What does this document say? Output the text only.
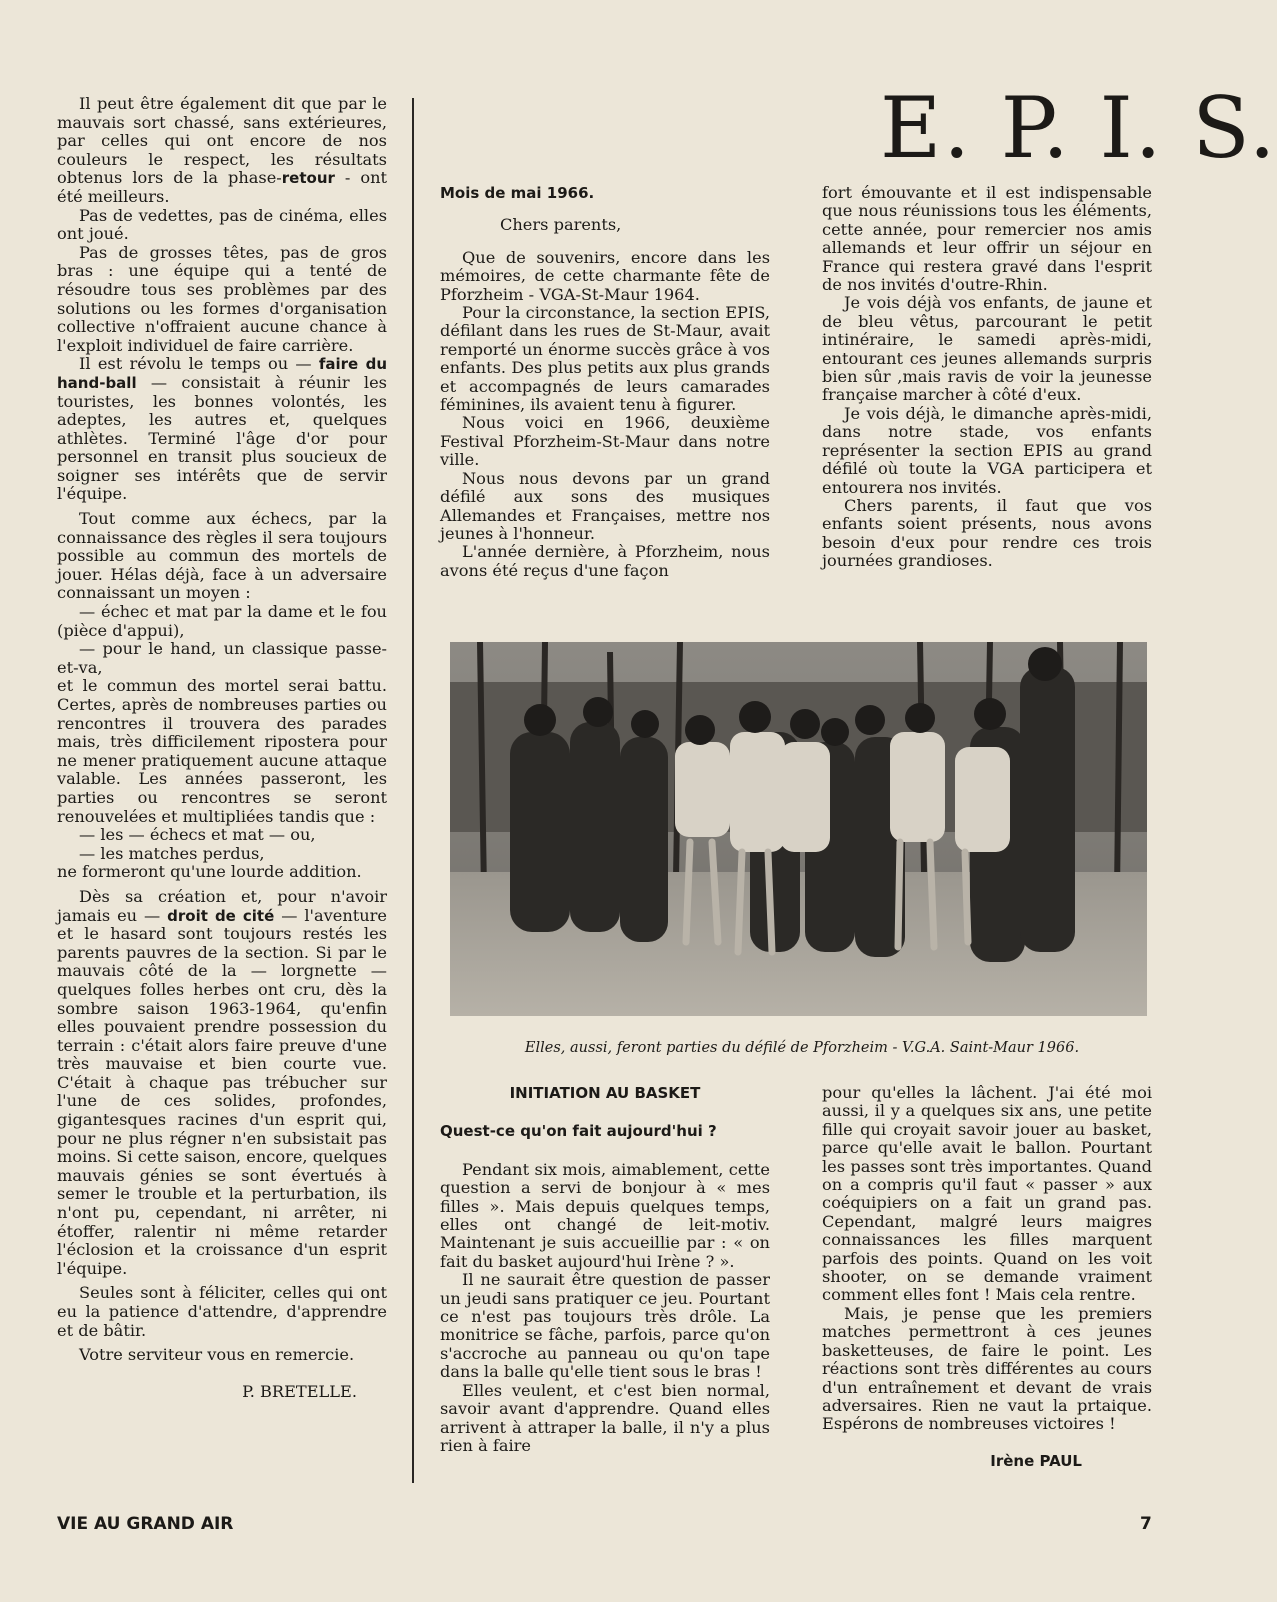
Il peut être également dit que par le mauvais sort chassé, sans extérieures, par celles qui ont encore de nos couleurs le respect, les résultats obtenus lors de la phase-retour - ont été meilleurs.

Pas de vedettes, pas de cinéma, elles ont joué.

Pas de grosses têtes, pas de gros bras : une équipe qui a tenté de résoudre tous ses problèmes par des solutions ou les formes d'organisation collective n'offraient aucune chance à l'exploit individuel de faire carrière.

Il est révolu le temps ou — faire du hand-ball — consistait à réunir les touristes, les bonnes volontés, les adeptes, les autres et, quelques athlètes. Terminé l'âge d'or pour personnel en transit plus soucieux de soigner ses intérêts que de servir l'équipe.

Tout comme aux échecs, par la connaissance des règles il sera toujours possible au commun des mortels de jouer. Hélas déjà, face à un adversaire connaissant un moyen :

— échec et mat par la dame et le fou (pièce d'appui),

— pour le hand, un classique passe-et-va,

et le commun des mortel serai battu. Certes, après de nombreuses parties ou rencontres il trouvera des parades mais, très difficilement ripostera pour ne mener pratiquement aucune attaque valable. Les années passeront, les parties ou rencontres se seront renouvelées et multipliées tandis que :

— les — échecs et mat — ou,

— les matches perdus,

ne formeront qu'une lourde addition.

Dès sa création et, pour n'avoir jamais eu — droit de cité — l'aventure et le hasard sont toujours restés les parents pauvres de la section. Si par le mauvais côté de la — lorgnette — quelques folles herbes ont cru, dès la sombre saison 1963-1964, qu'enfin elles pouvaient prendre possession du terrain : c'était alors faire preuve d'une très mauvaise et bien courte vue. C'était à chaque pas trébucher sur l'une de ces solides, profondes, gigantesques racines d'un esprit qui, pour ne plus régner n'en subsistait pas moins. Si cette saison, encore, quelques mauvais génies se sont évertués à semer le trouble et la perturbation, ils n'ont pu, cependant, ni arrêter, ni étoffer, ralentir ni même retarder l'éclosion et la croissance d'un esprit l'équipe.

Seules sont à féliciter, celles qui ont eu la patience d'attendre, d'apprendre et de bâtir.

Votre serviteur vous en remercie.

P. BRETELLE.

E. P. I. S.

Mois de mai 1966.

Chers parents,

Que de souvenirs, encore dans les mémoires, de cette charmante fête de Pforzheim - VGA-St-Maur 1964.

Pour la circonstance, la section EPIS, défilant dans les rues de St-Maur, avait remporté un énorme succès grâce à vos enfants. Des plus petits aux plus grands et accompagnés de leurs camarades féminines, ils avaient tenu à figurer.

Nous voici en 1966, deuxième Festival Pforzheim-St-Maur dans notre ville.

Nous nous devons par un grand défilé aux sons des musiques Allemandes et Françaises, mettre nos jeunes à l'honneur.

L'année dernière, à Pforzheim, nous avons été reçus d'une façon

fort émouvante et il est indispensable que nous réunissions tous les éléments, cette année, pour remercier nos amis allemands et leur offrir un séjour en France qui restera gravé dans l'esprit de nos invités d'outre-Rhin.

Je vois déjà vos enfants, de jaune et de bleu vêtus, parcourant le petit intinéraire, le samedi après-midi, entourant ces jeunes allemands surpris bien sûr ,mais ravis de voir la jeunesse française marcher à côté d'eux.

Je vois déjà, le dimanche après-midi, dans notre stade, vos enfants représenter la section EPIS au grand défilé où toute la VGA participera et entourera nos invités.

Chers parents, il faut que vos enfants soient présents, nous avons besoin d'eux pour rendre ces trois journées grandioses.

Elles, aussi, feront parties du défilé de Pforzheim - V.G.A. Saint-Maur 1966.

INITIATION AU BASKET

Quest-ce qu'on fait aujourd'hui ?

Pendant six mois, aimablement, cette question a servi de bonjour à « mes filles ». Mais depuis quelques temps, elles ont changé de leit-motiv. Maintenant je suis accueillie par : « on fait du basket aujourd'hui Irène ? ».

Il ne saurait être question de passer un jeudi sans pratiquer ce jeu. Pourtant ce n'est pas toujours très drôle. La monitrice se fâche, parfois, parce qu'on s'accroche au panneau ou qu'on tape dans la balle qu'elle tient sous le bras !

Elles veulent, et c'est bien normal, savoir avant d'apprendre. Quand elles arrivent à attraper la balle, il n'y a plus rien à faire

pour qu'elles la lâchent. J'ai été moi aussi, il y a quelques six ans, une petite fille qui croyait savoir jouer au basket, parce qu'elle avait le ballon. Pourtant les passes sont très importantes. Quand on a compris qu'il faut « passer » aux coéquipiers on a fait un grand pas. Cependant, malgré leurs maigres connaissances les filles marquent parfois des points. Quand on les voit shooter, on se demande vraiment comment elles font ! Mais cela rentre.

Mais, je pense que les premiers matches permettront à ces jeunes basketteuses, de faire le point. Les réactions sont très différentes au cours d'un entraînement et devant de vrais adversaires. Rien ne vaut la prtaique. Espérons de nombreuses victoires !

Irène PAUL

VIE AU GRAND AIR	7
